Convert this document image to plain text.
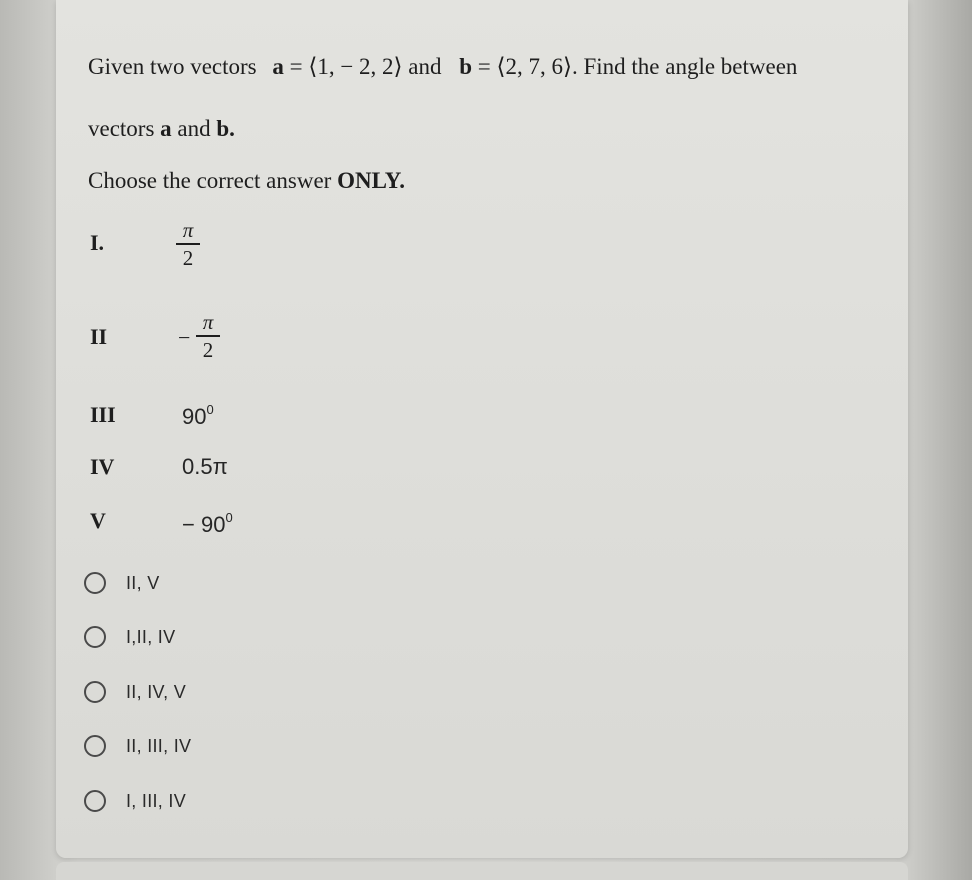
Given two vectors a = ⟨1, − 2, 2⟩ and b = ⟨2, 7, 6⟩. Find the angle between
vectors a and b.
Choose the correct answer ONLY.
I.	π
2
II	−
π
2
III	$90^0$
IV	0.5π
V	− $90^0$
II, V
I,II, IV
II, IV, V
II, III, IV
I, III, IV
